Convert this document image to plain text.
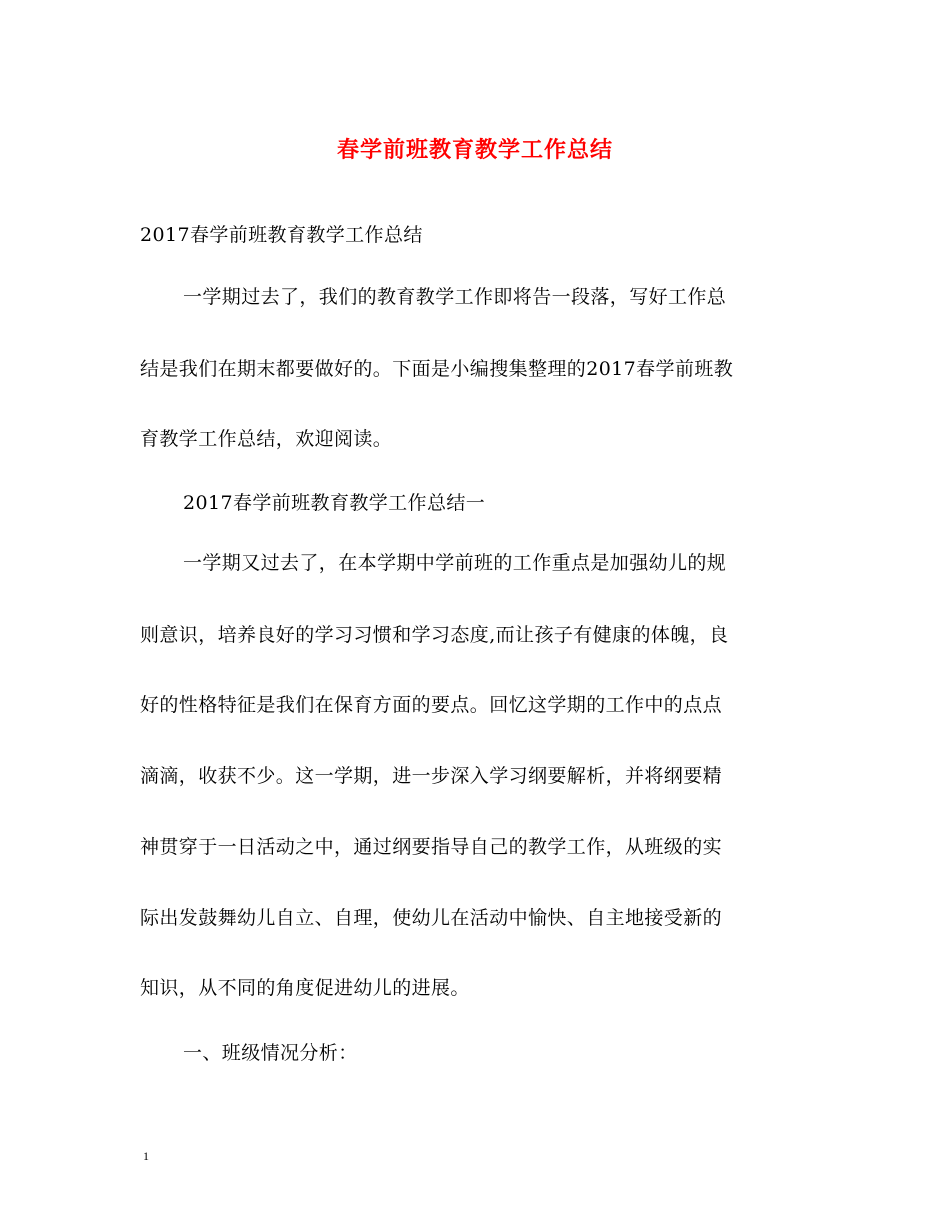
春学前班教育教学工作总结
2017春学前班教育教学工作总结
一学期过去了，我们的教育教学工作即将告一段落，写好工作总
结是我们在期末都要做好的。下面是小编搜集整理的2017春学前班教
育教学工作总结，欢迎阅读。
2017春学前班教育教学工作总结一
一学期又过去了，在本学期中学前班的工作重点是加强幼儿的规
则意识，培养良好的学习习惯和学习态度,而让孩子有健康的体魄，良
好的性格特征是我们在保育方面的要点。回忆这学期的工作中的点点
滴滴，收获不少。这一学期，进一步深入学习纲要解析，并将纲要精
神贯穿于一日活动之中，通过纲要指导自己的教学工作，从班级的实
际出发鼓舞幼儿自立、自理，使幼儿在活动中愉快、自主地接受新的
知识，从不同的角度促进幼儿的进展。
一、班级情况分析：
1
